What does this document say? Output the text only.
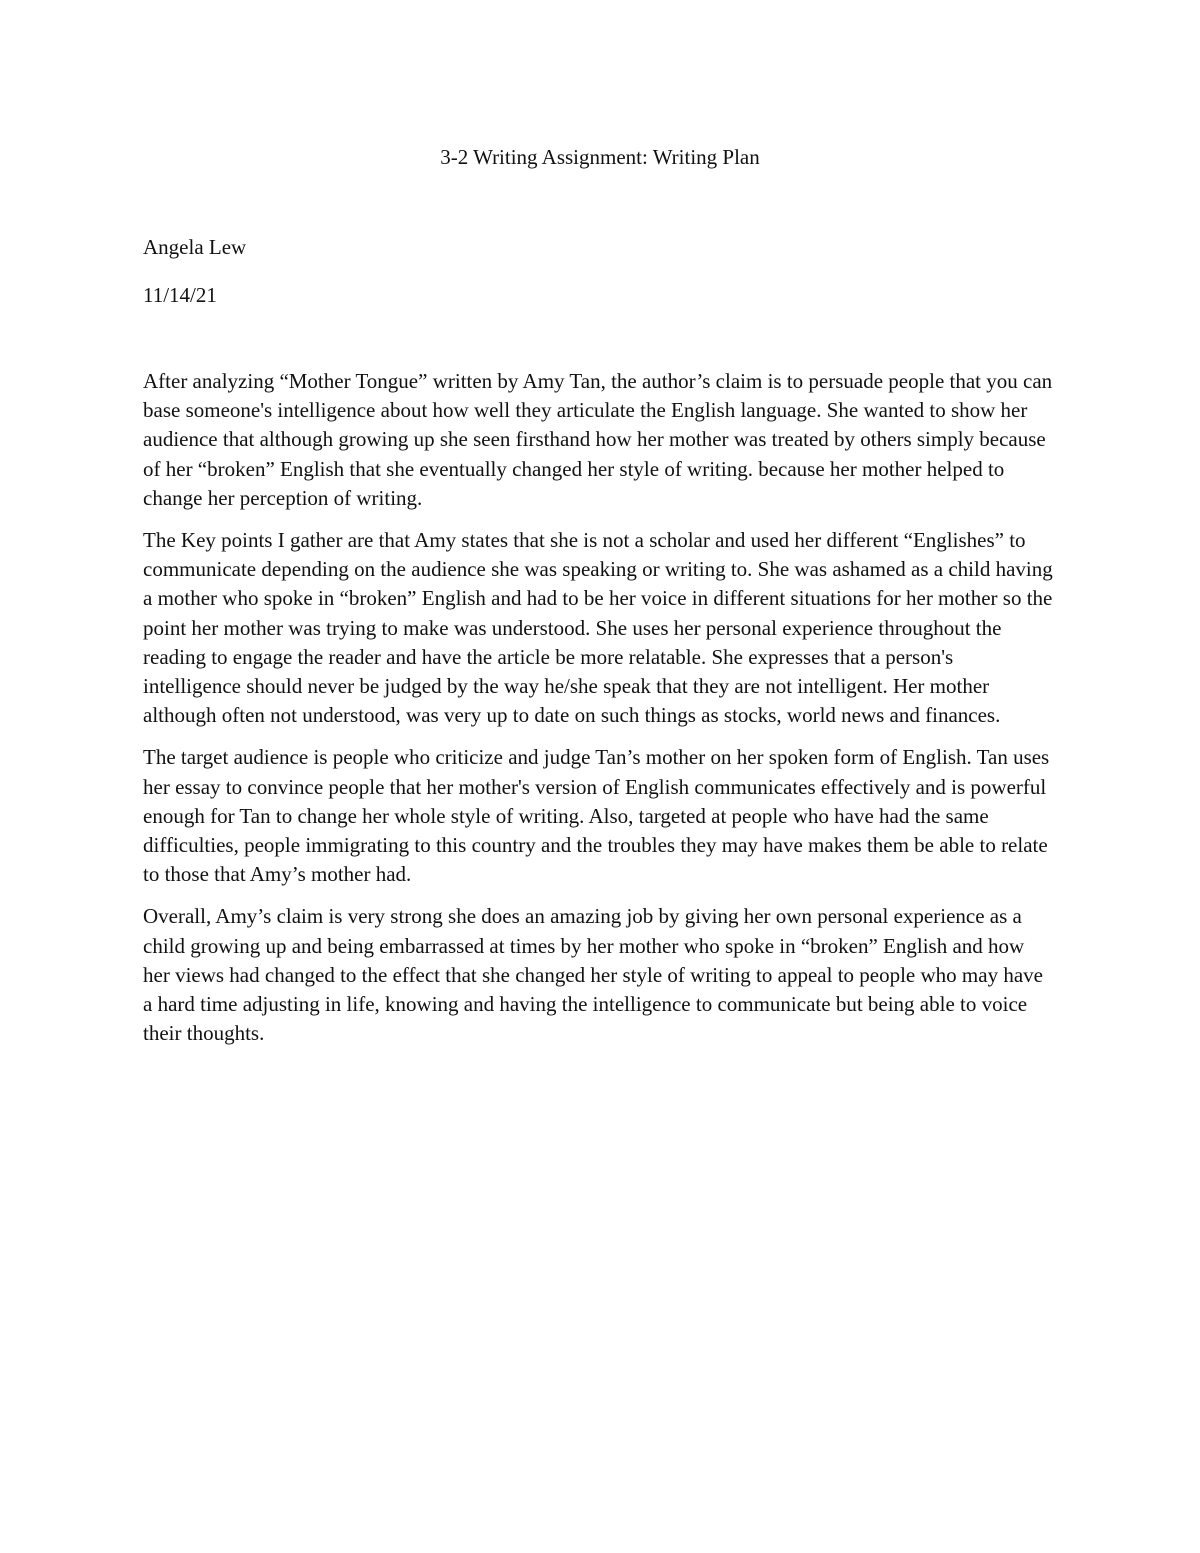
3-2 Writing Assignment: Writing Plan

Angela Lew

11/14/21

After analyzing “Mother Tongue” written by Amy Tan, the author’s claim is to persuade people that you can base someone's intelligence about how well they articulate the English language. She wanted to show her audience that although growing up she seen firsthand how her mother was treated by others simply because of her “broken” English that she eventually changed her style of writing. because her mother helped to change her perception of writing.

The Key points I gather are that Amy states that she is not a scholar and used her different “Englishes” to communicate depending on the audience she was speaking or writing to. She was ashamed as a child having a mother who spoke in “broken” English and had to be her voice in different situations for her mother so the point her mother was trying to make was understood. She uses her personal experience throughout the reading to engage the reader and have the article be more relatable. She expresses that a person's intelligence should never be judged by the way he/she speak that they are not intelligent. Her mother although often not understood, was very up to date on such things as stocks, world news and finances.

The target audience is people who criticize and judge Tan’s mother on her spoken form of English. Tan uses her essay to convince people that her mother's version of English communicates effectively and is powerful enough for Tan to change her whole style of writing. Also, targeted at people who have had the same difficulties, people immigrating to this country and the troubles they may have makes them be able to relate to those that Amy’s mother had.

Overall, Amy’s claim is very strong she does an amazing job by giving her own personal experience as a child growing up and being embarrassed at times by her mother who spoke in “broken” English and how her views had changed to the effect that she changed her style of writing to appeal to people who may have a hard time adjusting in life, knowing and having the intelligence to communicate but being able to voice their thoughts.
